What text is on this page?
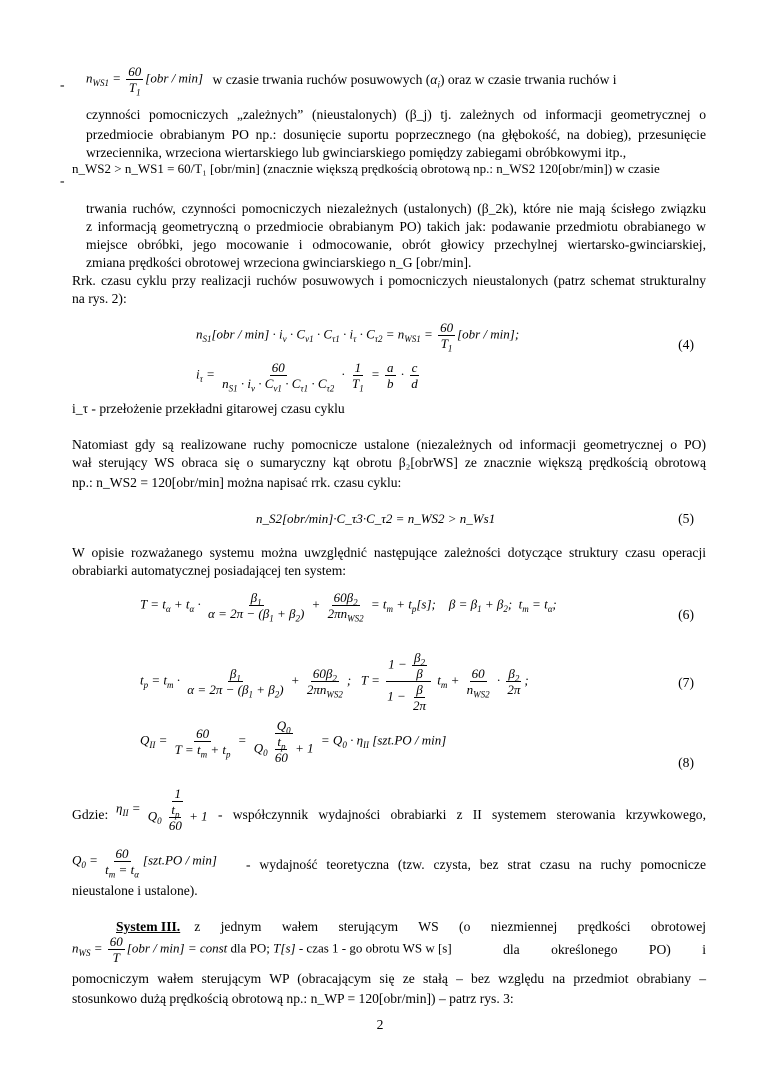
- $n_{WS1} = \frac{60}{T_1} [obr / \min]$ w czasie trwania ruchów posuwowych $(\alpha_i)$ oraz w czasie trwania ruchów i
czynności pomocniczych „zależnych” (nieustalonych) (β_j) tj. zależnych od informacji geometrycznej o
przedmiocie obrabianym PO np.: dosunięcie suportu poprzecznego (na głębokość, na dobieg), przesunięcie
wrzeciennika, wrzeciona wiertarskiego lub gwinciarskiego pomiędzy zabiegami obróbkowymi itp.,
-
n_WS2 > n_WS1 = 60/T₁ [obr/min] (znacznie większą prędkością obrotową np.: n_WS2 120[obr/min]) w czasie
trwania ruchów, czynności pomocniczych niezależnych (ustalonych) (β_2k), które nie mają ścisłego związku
z informacją geometryczną o przedmiocie obrabianym PO) takich jak: podawanie przedmiotu obrabianego w
miejsce obróbki, jego mocowanie i odmocowanie, obrót głowicy przechylnej wiertarsko-gwinciarskiej,
zmiana prędkości obrotowej wrzeciona gwinciarskiego n_G [obr/min].
Rrk. czasu cyklu przy realizacji ruchów posuwowych i pomocniczych nieustalonych (patrz schemat strukturalny
na rys. 2):
$n_{S1}[obr / \min] \cdot i_v \cdot C_{v1} \cdot C_{\tau 1} \cdot i_\tau \cdot C_{\tau 2} = n_{WS1} = \frac{60}{T_1} [obr / \min]$;
$i_\tau = \frac{60}{n_{S1} \cdot i_v \cdot C_{v1} \cdot C_{\tau 1} \cdot C_{\tau 2}} \cdot \frac{1}{T_1} = \frac{a}{b} \cdot \frac{c}{d}$
(4)
i_τ - przełożenie przekładni gitarowej czasu cyklu
Natomiast gdy są realizowane ruchy pomocnicze ustalone (niezależnych od informacji geometrycznej o PO)
wał sterujący WS obraca się o sumaryczny kąt obrotu β₂[obrWS] ze znacznie większą prędkością obrotową
np.: n_WS2 = 120[obr/min] można napisać rrk. czasu cyklu:
n_S2[obr/min]·C_τ3·C_τ2 = n_WS2 > n_Ws1	(5)
W opisie rozważanego systemu można uwzględnić następujące zależności dotyczące struktury czasu operacji
obrabiarki automatycznej posiadającej ten system:
$T = t_\alpha + t_\alpha \cdot \frac{\beta_1}{\alpha = 2\pi - (\beta_1 + \beta_2)} + 60\beta_2$
$2\pi n_{WS2}$
= $t_m + t_p[s]$;    $\beta = \beta_1 + \beta_2$;  $t_m = t_\alpha$;
(6)
$t_p = t_m \cdot \frac{\beta_1}{\alpha = 2\pi - (\beta_1 + \beta_2)} + 60\beta_2$
$2\pi n_{WS2}$
;   $T = \frac{1 - \frac{\beta_2}{\beta}}{1 - \frac{\beta}{2\pi}} t_m + 60$
$n_{WS2}$
· $\frac{\beta_2}{2\pi}$ ;	(7)
$Q_{II} = \frac{60}{T = t_m + t_p} = \frac{Q_0}{Q_0 \frac{t_p}{60} + 1} = Q_0 \cdot \eta_{II}$ [szt.PO / min]
(8)
Gdzie: $\eta_{II} = \frac{1}{Q_0 \frac{t_p}{60} + 1}$ - współczynnik wydajności obrabiarki z II systemem sterowania krzywkowego,
$Q_0 = \frac{60}{t_m = t_\alpha} [szt.PO / \min]$ - wydajność teoretyczna (tzw. czysta, bez strat czasu na ruchy pomocnicze
nieustalone i ustalone).
System III. z jednym wałem sterującym WS (o niezmiennej prędkości obrotowej
$n_{WS} = \frac{60}{T} [obr / \min]$ = const dla PO; T[s] - czas 1 - go obrotu WS w [s]	dla określonego PO) i
pomocniczym wałem sterującym WP (obracającym się ze stałą – bez względu na przedmiot obrabiany –
stosunkowo dużą prędkością obrotową np.: n_WP = 120[obr/min]) – patrz rys. 3:
2
